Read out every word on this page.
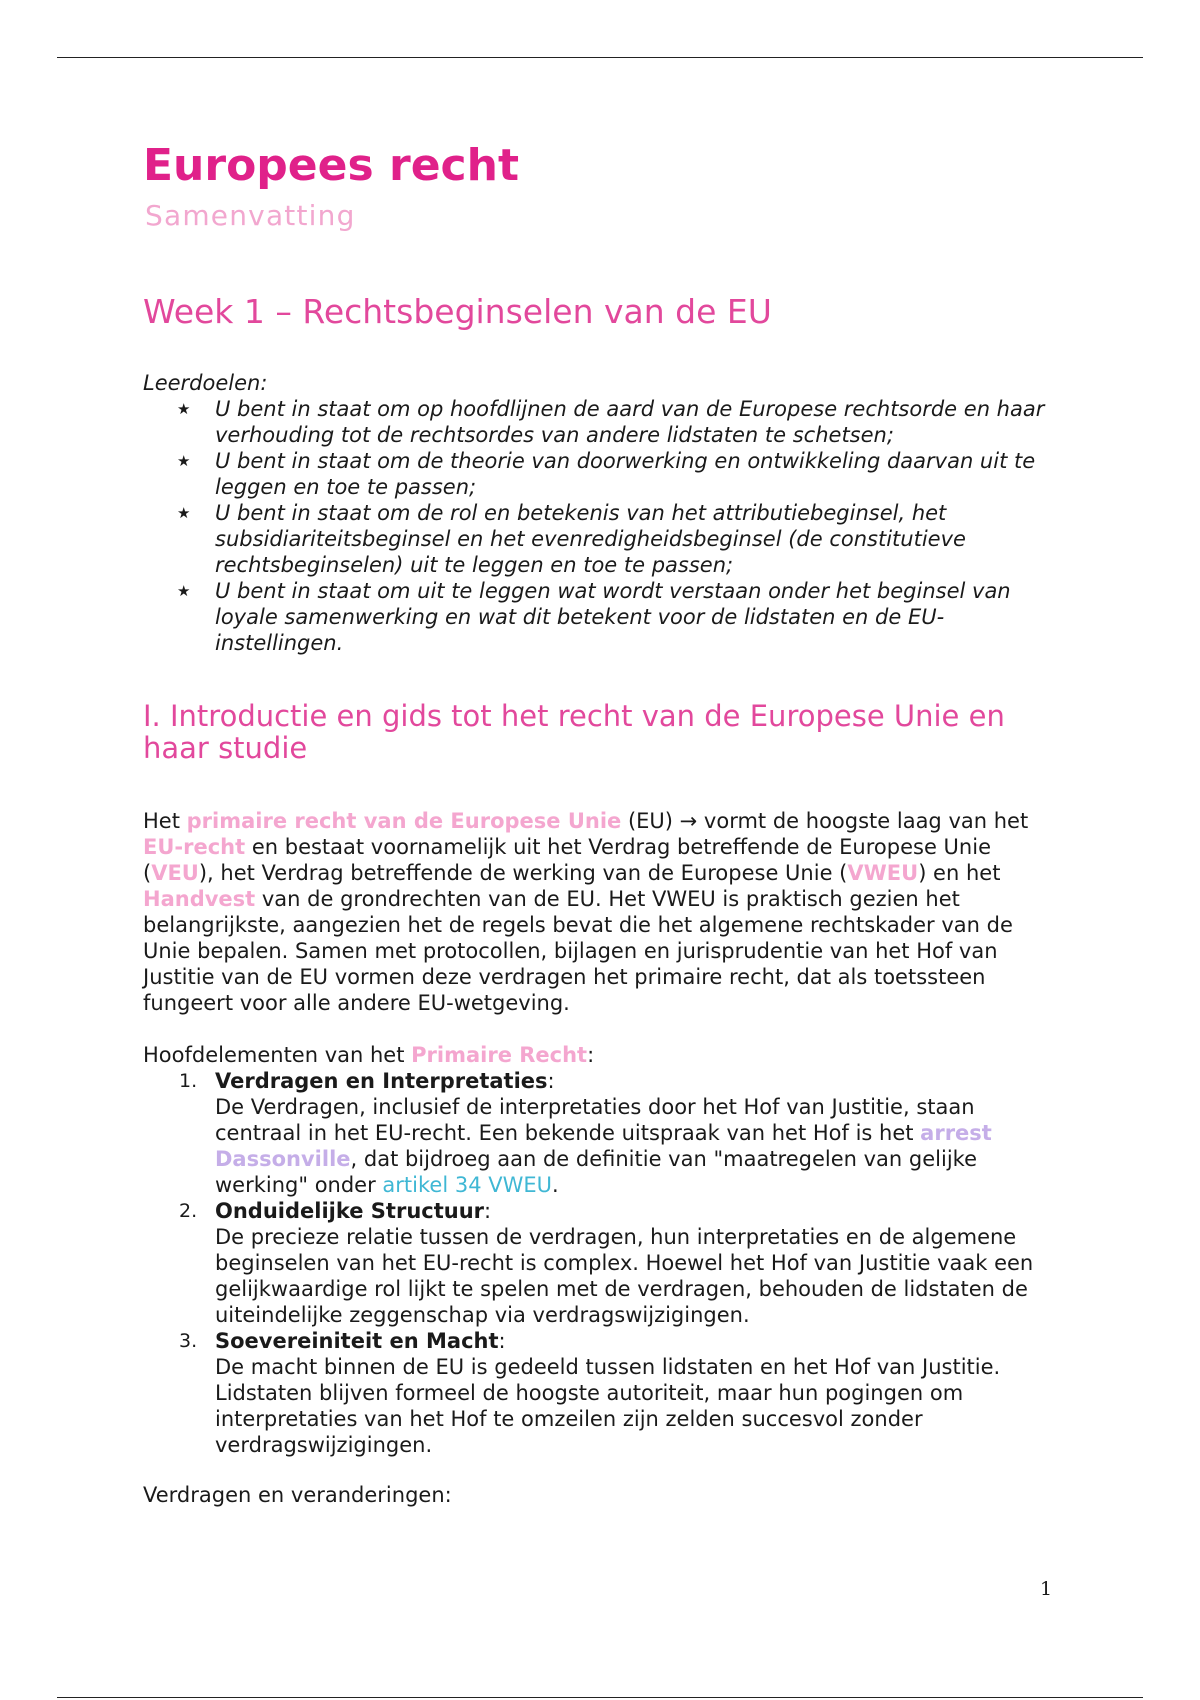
Europees recht
Samenvatting
Week 1 – Rechtsbeginselen van de EU
Leerdoelen:
★ U bent in staat om op hoofdlijnen de aard van de Europese rechtsorde en haar verhouding tot de rechtsordes van andere lidstaten te schetsen;
★ U bent in staat om de theorie van doorwerking en ontwikkeling daarvan uit te leggen en toe te passen;
★ U bent in staat om de rol en betekenis van het attributiebeginsel, het subsidiariteitsbeginsel en het evenredigheidsbeginsel (de constitutieve rechtsbeginselen) uit te leggen en toe te passen;
★ U bent in staat om uit te leggen wat wordt verstaan onder het beginsel van loyale samenwerking en wat dit betekent voor de lidstaten en de EU-instellingen.
I. Introductie en gids tot het recht van de Europese Unie en haar studie

Het primaire recht van de Europese Unie (EU) → vormt de hoogste laag van het EU-recht en bestaat voornamelijk uit het Verdrag betreffende de Europese Unie (VEU), het Verdrag betreffende de werking van de Europese Unie (VWEU) en het Handvest van de grondrechten van de EU. Het VWEU is praktisch gezien het belangrijkste, aangezien het de regels bevat die het algemene rechtskader van de Unie bepalen. Samen met protocollen, bijlagen en jurisprudentie van het Hof van Justitie van de EU vormen deze verdragen het primaire recht, dat als toetssteen fungeert voor alle andere EU-wetgeving.

Hoofdelementen van het Primaire Recht:

1. Verdragen en Interpretaties:
De Verdragen, inclusief de interpretaties door het Hof van Justitie, staan centraal in het EU-recht. Een bekende uitspraak van het Hof is het arrest Dassonville, dat bijdroeg aan de definitie van "maatregelen van gelijke werking" onder artikel 34 VWEU.
2. Onduidelijke Structuur:
De precieze relatie tussen de verdragen, hun interpretaties en de algemene beginselen van het EU-recht is complex. Hoewel het Hof van Justitie vaak een gelijkwaardige rol lijkt te spelen met de verdragen, behouden de lidstaten de uiteindelijke zeggenschap via verdragswijzigingen.
3. Soevereiniteit en Macht:
De macht binnen de EU is gedeeld tussen lidstaten en het Hof van Justitie. Lidstaten blijven formeel de hoogste autoriteit, maar hun pogingen om interpretaties van het Hof te omzeilen zijn zelden succesvol zonder verdragswijzigingen.

Verdragen en veranderingen:

1
